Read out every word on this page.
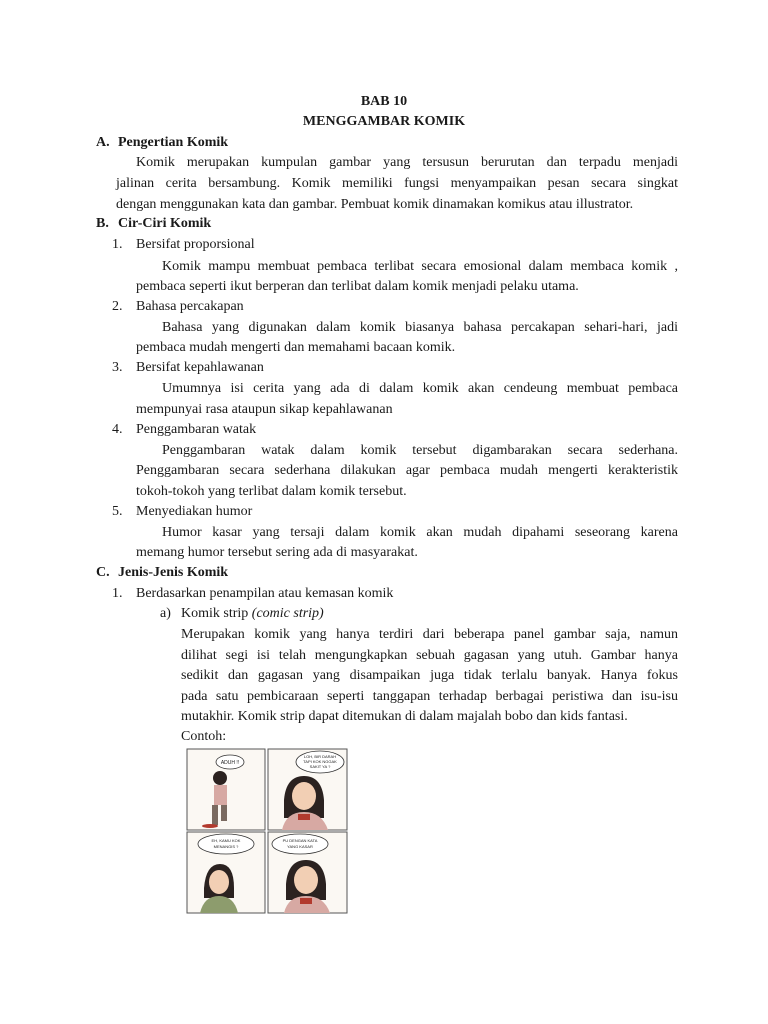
BAB 10
MENGGAMBAR KOMIK
A. Pengertian Komik
Komik merupakan kumpulan gambar yang tersusun berurutan dan terpadu menjadi
jalinan cerita bersambung. Komik memiliki fungsi menyampaikan pesan secara singkat
dengan menggunakan kata dan gambar. Pembuat komik dinamakan komikus atau illustrator.
B. Cir-Ciri Komik
1. Bersifat proporsional
Komik mampu membuat pembaca terlibat secara emosional dalam membaca komik ,
pembaca seperti ikut berperan dan terlibat dalam komik menjadi pelaku utama.
2. Bahasa percakapan
Bahasa yang digunakan dalam komik biasanya bahasa percakapan sehari-hari, jadi
pembaca mudah mengerti dan memahami bacaan komik.
3. Bersifat kepahlawanan
Umumnya isi cerita yang ada di dalam komik akan cendeung membuat pembaca
mempunyai rasa ataupun sikap kepahlawanan
4. Penggambaran watak
Penggambaran watak dalam komik tersebut digambarakan secara sederhana.
Penggambaran secara sederhana dilakukan agar pembaca mudah mengerti kerakteristik
tokoh-tokoh yang terlibat dalam komik tersebut.
5. Menyediakan humor
Humor kasar yang tersaji dalam komik akan mudah dipahami seseorang karena
memang humor tersebut sering ada di masyarakat.
C. Jenis-Jenis Komik
1. Berdasarkan penampilan atau kemasan komik
a) Komik strip (comic strip)
Merupakan komik yang hanya terdiri dari beberapa panel gambar saja, namun
dilihat segi isi telah mengungkapkan sebuah gagasan yang utuh. Gambar hanya
sedikit dan gagasan yang disampaikan juga tidak terlalu banyak. Hanya fokus
pada satu pembicaraan seperti tanggapan terhadap berbagai peristiwa dan isu-isu
mutakhir. Komik strip dapat ditemukan di dalam majalah bobo dan kids fantasi.
Contoh:
ADUH !!
LOH, BIR DARAH
TAPI KOK NGGAK
SAKIT YA ?
EH, KAMU KOK
MENANGIS ?
PU DENGAN KATA
YANG KASAR
